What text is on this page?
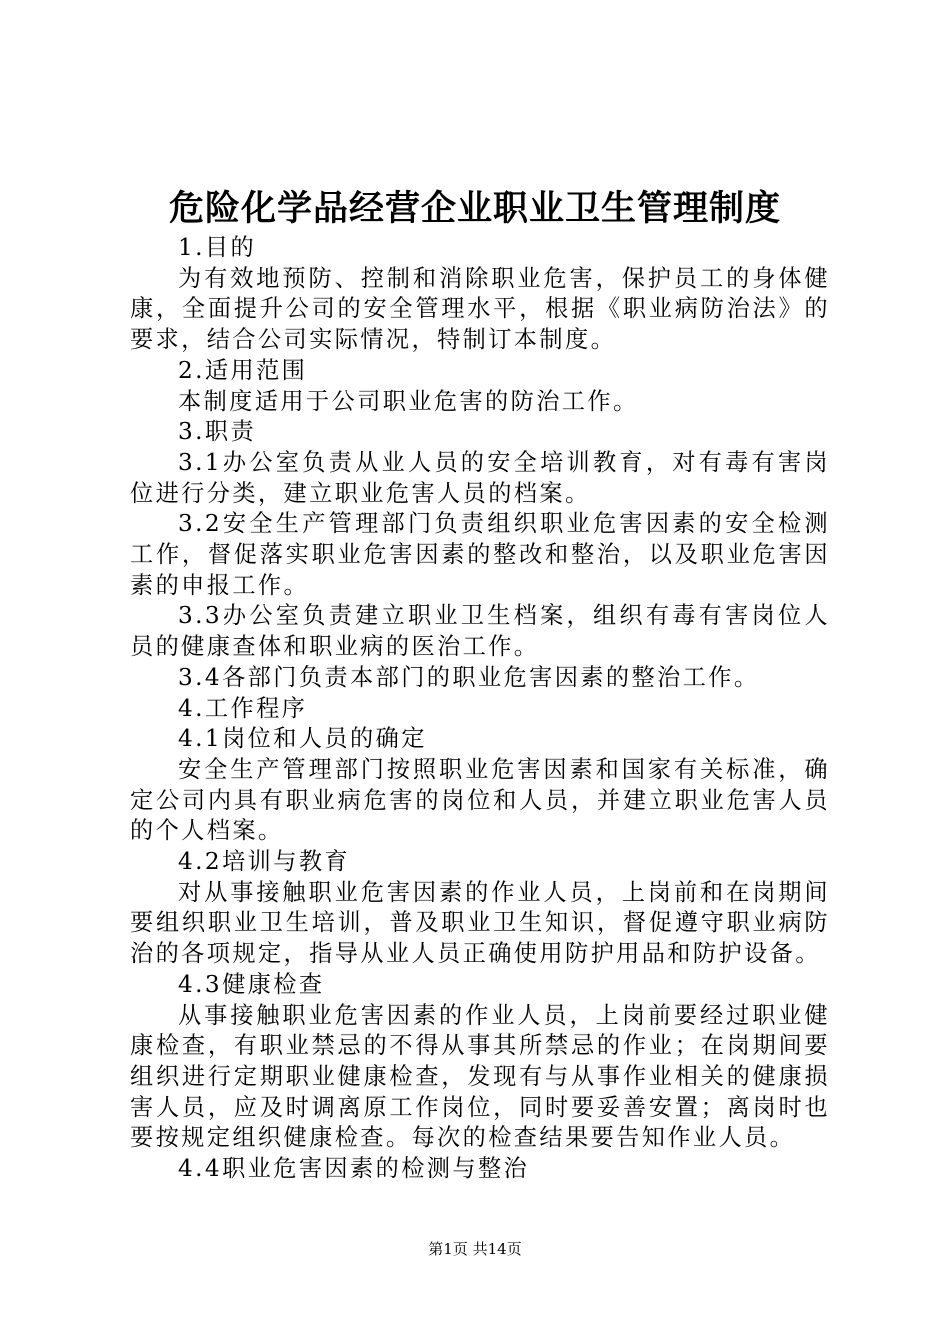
危险化学品经营企业职业卫生管理制度

1.目的

为有效地预防、控制和消除职业危害，保护员工的身体健康，全面提升公司的安全管理水平，根据《职业病防治法》的要求，结合公司实际情况，特制订本制度。

2.适用范围

本制度适用于公司职业危害的防治工作。

3.职责

3.1办公室负责从业人员的安全培训教育，对有毒有害岗位进行分类，建立职业危害人员的档案。

3.2安全生产管理部门负责组织职业危害因素的安全检测工作，督促落实职业危害因素的整改和整治，以及职业危害因素的申报工作。

3.3办公室负责建立职业卫生档案，组织有毒有害岗位人员的健康查体和职业病的医治工作。

3.4各部门负责本部门的职业危害因素的整治工作。

4.工作程序

4.1岗位和人员的确定

安全生产管理部门按照职业危害因素和国家有关标准，确定公司内具有职业病危害的岗位和人员，并建立职业危害人员的个人档案。

4.2培训与教育

对从事接触职业危害因素的作业人员，上岗前和在岗期间要组织职业卫生培训，普及职业卫生知识，督促遵守职业病防治的各项规定，指导从业人员正确使用防护用品和防护设备。

4.3健康检查

从事接触职业危害因素的作业人员，上岗前要经过职业健康检查，有职业禁忌的不得从事其所禁忌的作业；在岗期间要组织进行定期职业健康检查，发现有与从事作业相关的健康损害人员，应及时调离原工作岗位，同时要妥善安置；离岗时也要按规定组织健康检查。每次的检查结果要告知作业人员。

4.4职业危害因素的检测与整治

第1页 共14页
